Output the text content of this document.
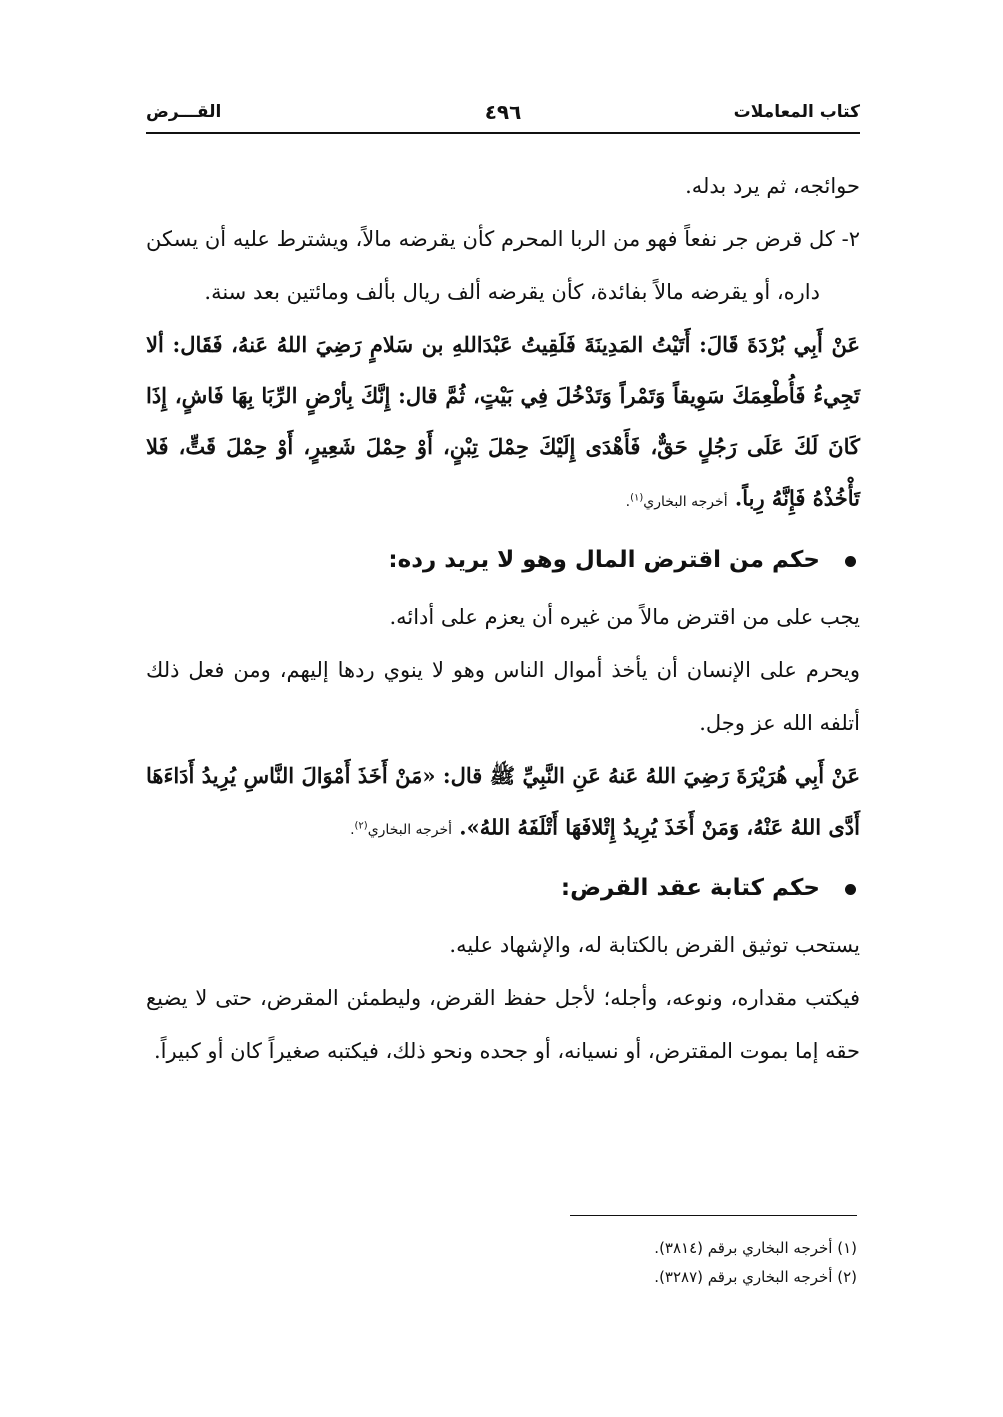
كتاب المعاملات
٤٩٦
القـــرض

حوائجه، ثم يرد بدله.

٢- كل قرض جر نفعاً فهو من الربا المحرم كأن يقرضه مالاً، ويشترط عليه أن يسكن داره، أو يقرضه مالاً بفائدة، كأن يقرضه ألف ريال بألف ومائتين بعد سنة.

عَنْ أَبِي بُرْدَةَ قَالَ: أَتَيْتُ المَدِينَةَ فَلَقِيتُ عَبْدَاللهِ بن سَلامٍ رَضِيَ اللهُ عَنهُ، فَقَال: ألا تَجِيءُ فَأُطْعِمَكَ سَوِيقاً وَتَمْراً وَتَدْخُلَ فِي بَيْتٍ، ثُمَّ قال: إِنَّكَ بِأرْضٍ الرِّبَا بِهَا فَاشٍ، إِذَا كَانَ لَكَ عَلَى رَجُلٍ حَقٌّ، فَأَهْدَى إِلَيْكَ حِمْلَ تِبْنٍ، أَوْ حِمْلَ شَعِيرٍ، أَوْ حِمْلَ قَتٍّ، فَلا تَأْخُذْهُ فَإِنَّهُ رِباً. أخرجه البخاري$^{(١)}$.

حكم من اقترض المال وهو لا يريد رده:

يجب على من اقترض مالاً من غيره أن يعزم على أدائه.

ويحرم على الإنسان أن يأخذ أموال الناس وهو لا ينوي ردها إليهم، ومن فعل ذلك أتلفه الله عز وجل.

عَنْ أَبِي هُرَيْرَةَ رَضِيَ اللهُ عَنهُ عَنِ النَّبِيِّ ﷺ قال: «مَنْ أَخَذَ أَمْوَالَ النَّاسِ يُرِيدُ أَدَاءَهَا أَدَّى اللهُ عَنْهُ، وَمَنْ أَخَذَ يُرِيدُ إِتْلافَهَا أَتْلَفَهُ اللهُ». أخرجه البخاري$^{(٢)}$.

حكم كتابة عقد القرض:

يستحب توثيق القرض بالكتابة له، والإشهاد عليه.

فيكتب مقداره، ونوعه، وأجله؛ لأجل حفظ القرض، وليطمئن المقرض، حتى لا يضيع حقه إما بموت المقترض، أو نسيانه، أو جحده ونحو ذلك، فيكتبه صغيراً كان أو كبيراً.

(١) أخرجه البخاري برقم (٣٨١٤).

(٢) أخرجه البخاري برقم (٣٢٨٧).
